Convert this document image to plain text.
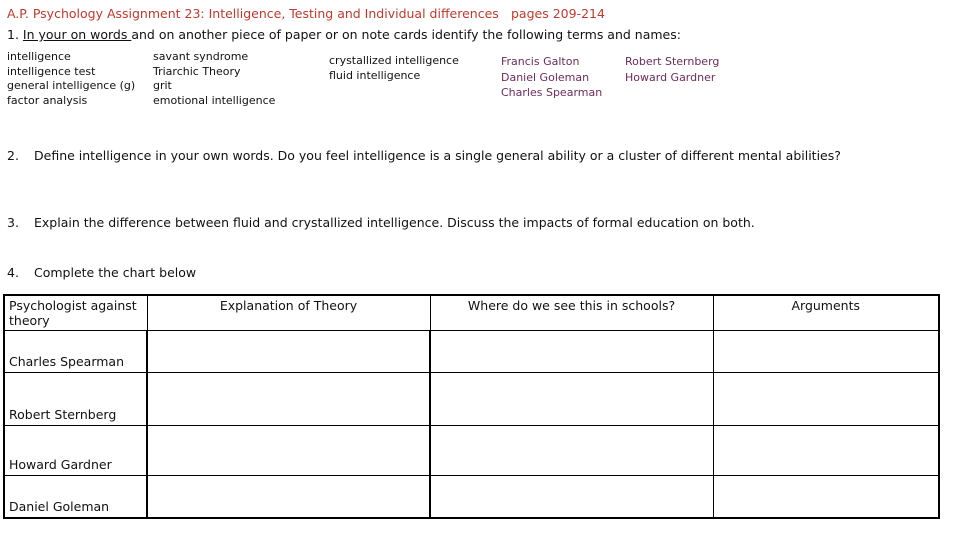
A.P. Psychology Assignment 23: Intelligence, Testing and Individual differences pages 209-214
1. In your on words and on another piece of paper or on note cards identify the following terms and names:
intelligence
intelligence test
general intelligence (g)
factor analysis
savant syndrome
Triarchic Theory
grit
emotional intelligence
crystallized intelligence
fluid intelligence
Francis Galton
Daniel Goleman
Charles Spearman
Robert Sternberg
Howard Gardner
2. Define intelligence in your own words. Do you feel intelligence is a single general ability or a cluster of different mental abilities?
3. Explain the difference between fluid and crystallized intelligence. Discuss the impacts of formal education on both.
4. Complete the chart below
Psychologist against theory	Explanation of Theory	Where do we see this in schools?	Arguments

Charles Spearman			

Robert Sternberg			

Howard Gardner			

Daniel Goleman			
